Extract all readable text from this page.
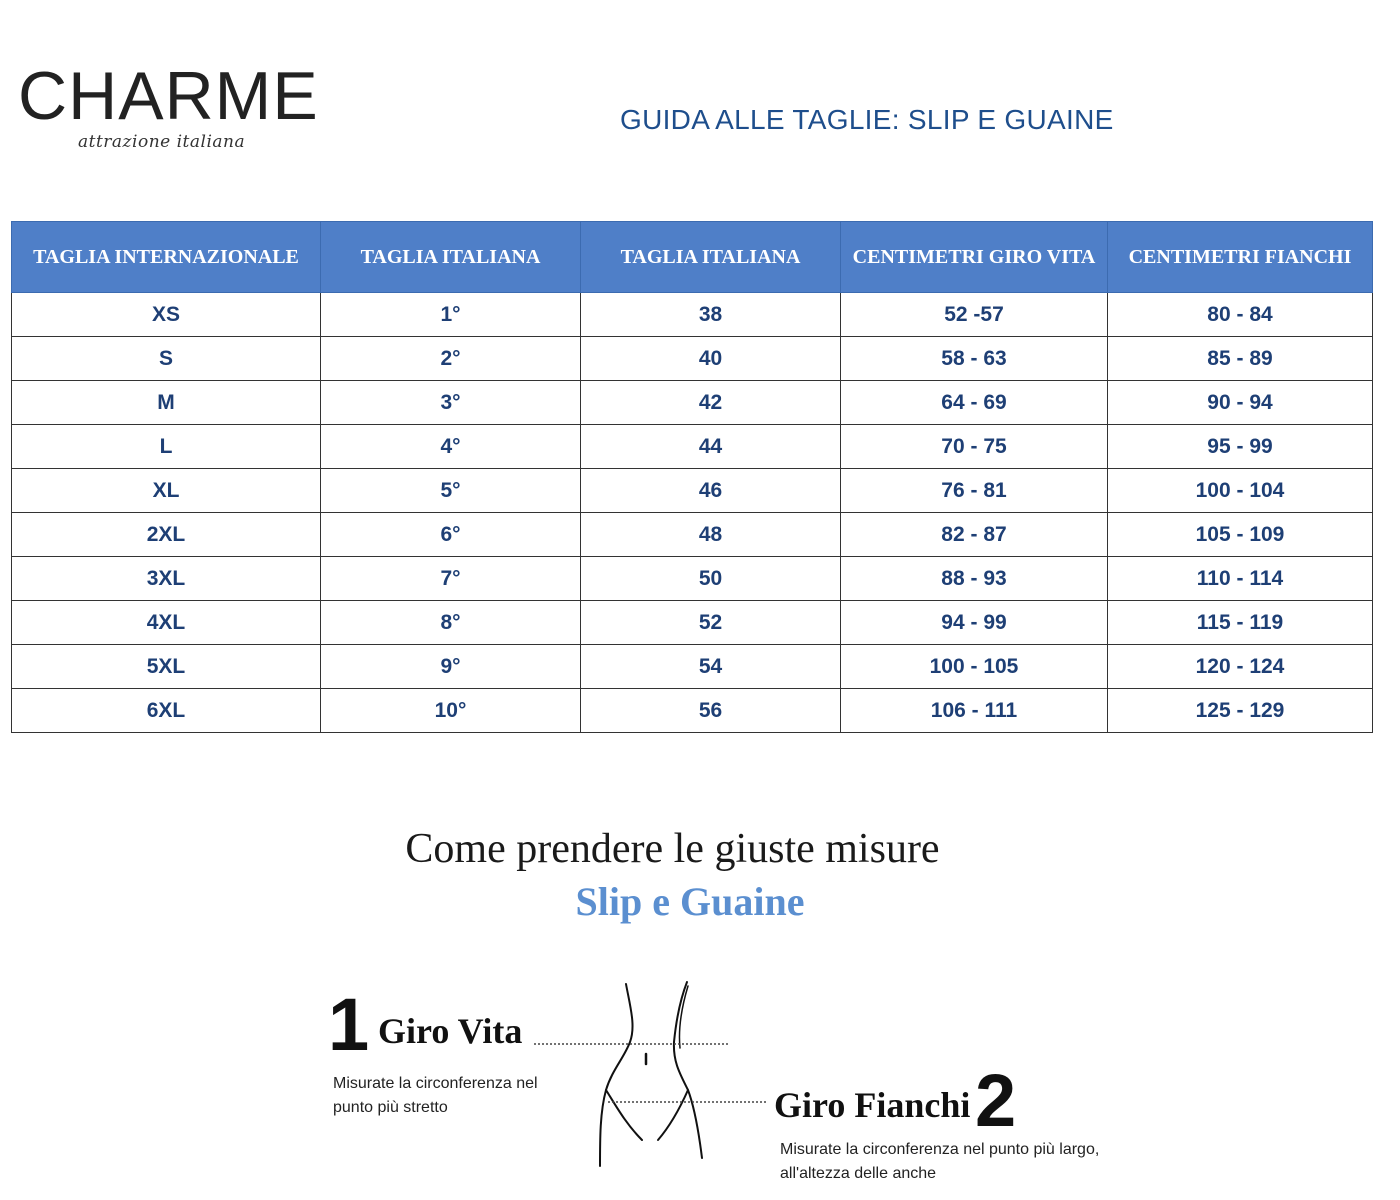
CHARME
attrazione italiana
GUIDA ALLE TAGLIE: SLIP E GUAINE
TAGLIA INTERNAZIONALE	TAGLIA ITALIANA	TAGLIA ITALIANA	CENTIMETRI GIRO VITA	CENTIMETRI FIANCHI
XS	1°	38	52 -57	80 - 84
S	2°	40	58 - 63	85 - 89
M	3°	42	64 - 69	90 - 94
L	4°	44	70 - 75	95 - 99
XL	5°	46	76 - 81	100 - 104
2XL	6°	48	82 - 87	105 - 109
3XL	7°	50	88 - 93	110 - 114
4XL	8°	52	94 - 99	115 - 119
5XL	9°	54	100 - 105	120 - 124
6XL	10°	56	106 - 111	125 - 129
Come prendere le giuste misure
Slip e Guaine
1 Giro Vita
Misurate la circonferenza nel punto più stretto	Giro Fianchi 2
Misurate la circonferenza nel punto più largo, all'altezza delle anche
